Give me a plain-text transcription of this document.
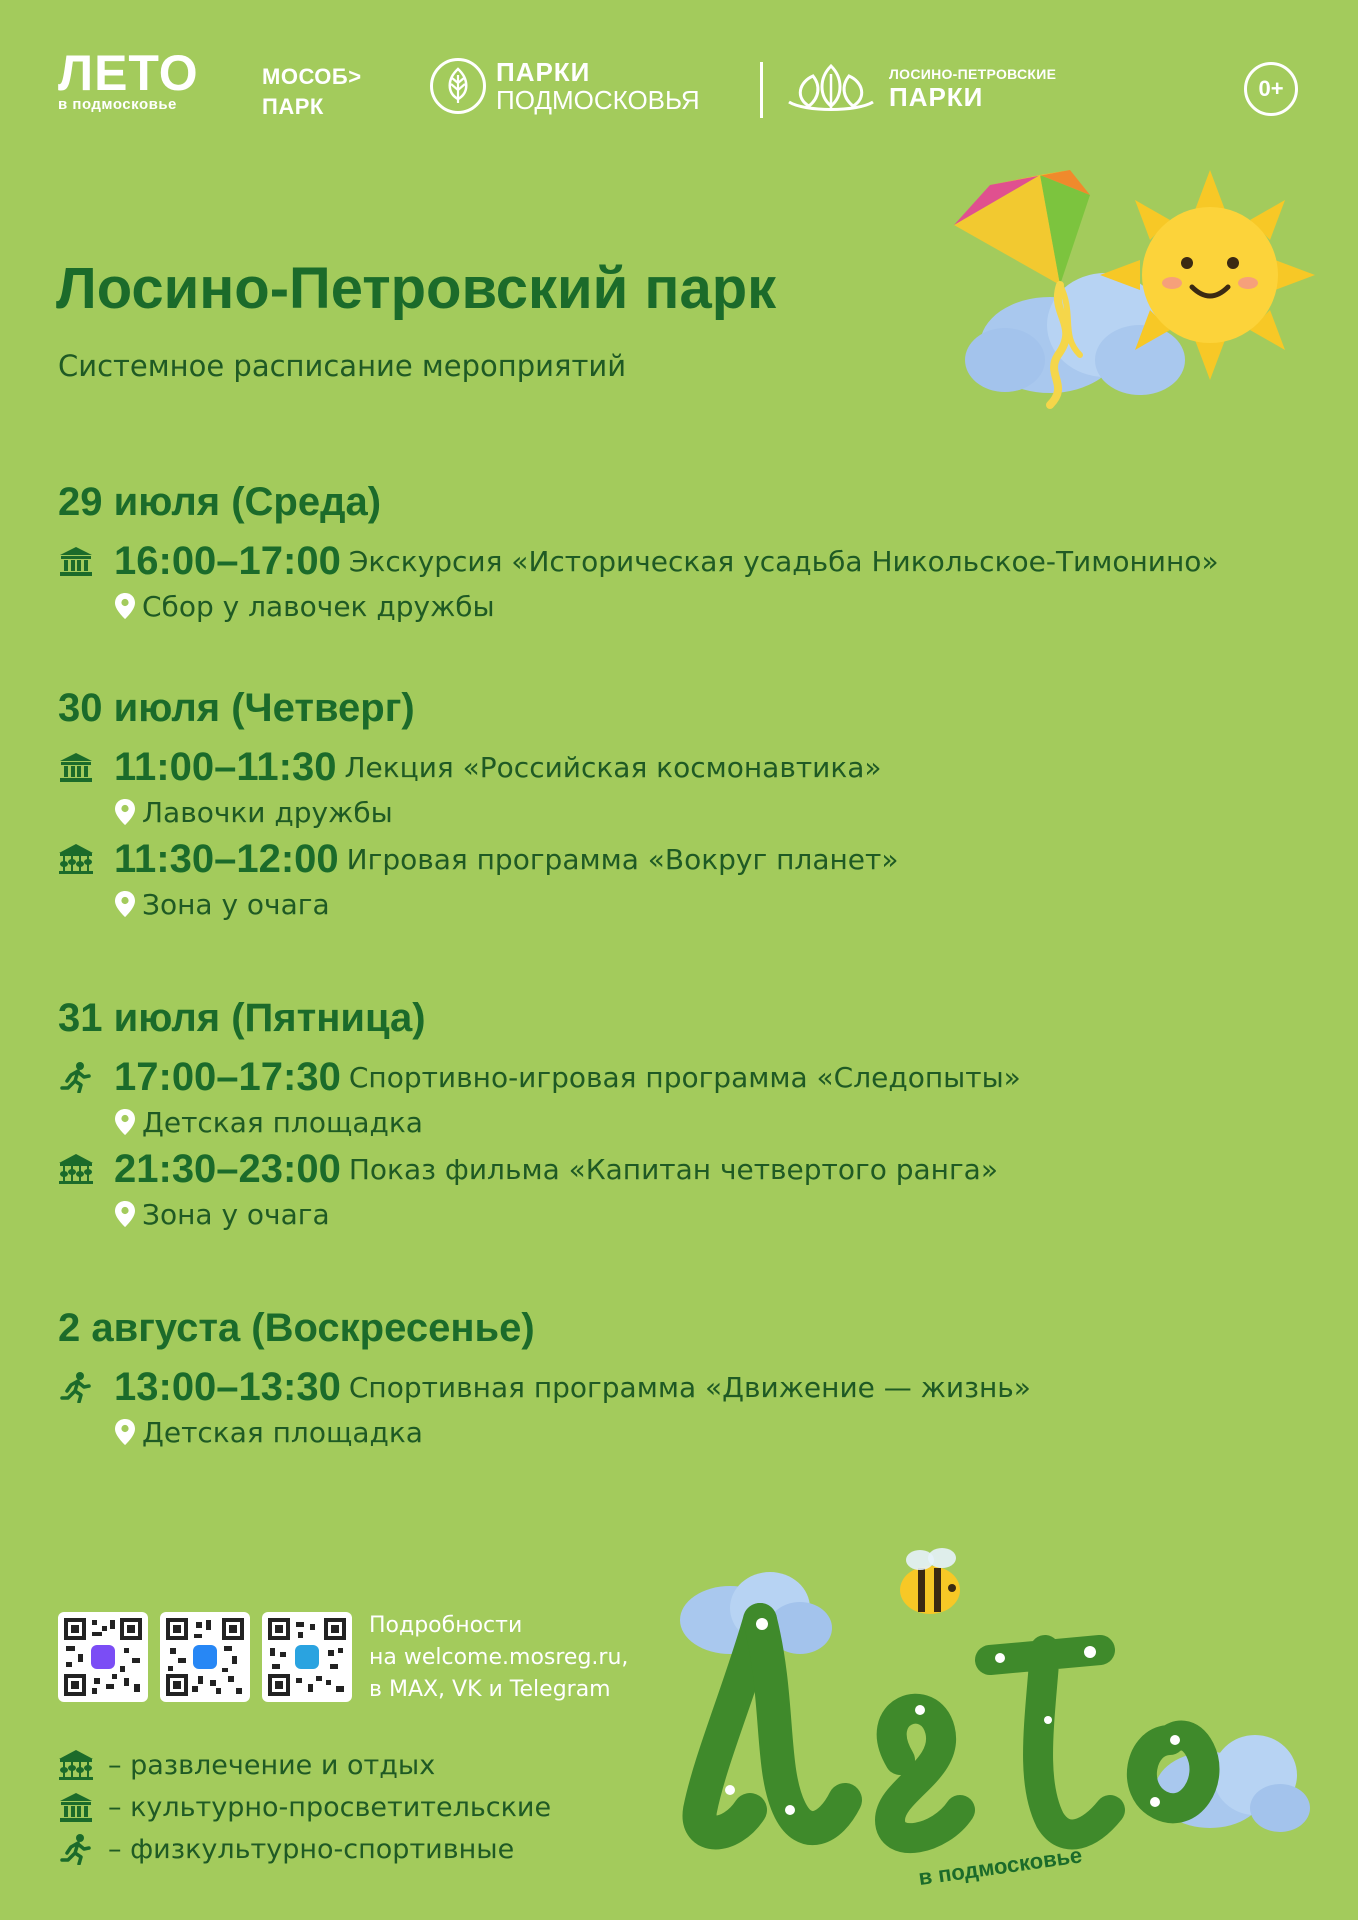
ЛЕТО
в подмосковье
МОСОБ>
ПАРК
ПАРКИ
ПОДМОСКОВЬЯ
ЛОСИНО-ПЕТРОВСКИЕ
ПАРКИ	0+
Лосино-Петровский парк
Системное расписание мероприятий
29 июля (Среда)
16:00–17:00 Экскурсия «Историческая усадьба Никольское-Тимонино»
Сбор у лавочек дружбы
30 июля (Четверг)
11:00–11:30 Лекция «Российская космонавтика»
Лавочки дружбы
11:30–12:00 Игровая программа «Вокруг планет»
Зона у очага
31 июля (Пятница)
17:00–17:30 Спортивно-игровая программа «Следопыты»
Детская площадка
21:30–23:00 Показ фильма «Капитан четвертого ранга»
Зона у очага
2 августа (Воскресенье)
13:00–13:30 Спортивная программа «Движение — жизнь»
Детская площадка
Подробности
на welcome.mosreg.ru,
в MAX, VK и Telegram
– развлечение и отдых
– культурно-просветительские
– физкультурно-спортивные	в подмосковье
